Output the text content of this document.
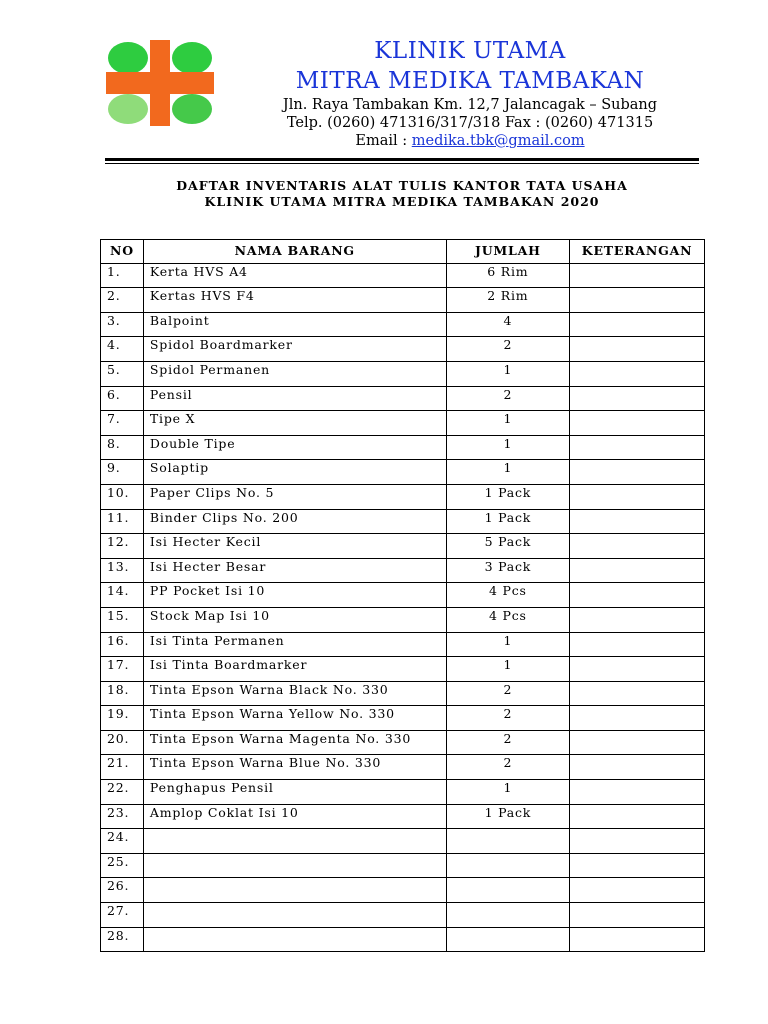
KLINIK UTAMA
MITRA MEDIKA TAMBAKAN
Jln. Raya Tambakan Km. 12,7 Jalancagak – Subang
Telp. (0260) 471316/317/318 Fax : (0260) 471315
Email : medika.tbk@gmail.com
DAFTAR INVENTARIS ALAT TULIS KANTOR TATA USAHA
KLINIK UTAMA MITRA MEDIKA TAMBAKAN 2020
NO	NAMA BARANG	JUMLAH	KETERANGAN
1.	Kerta HVS A4	6 Rim	
2.	Kertas HVS F4	2 Rim	
3.	Balpoint	4	
4.	Spidol Boardmarker	2	
5.	Spidol Permanen	1	
6.	Pensil	2	
7.	Tipe X	1	
8.	Double Tipe	1	
9.	Solaptip	1	
10.	Paper Clips No. 5	1 Pack	
11.	Binder Clips No. 200	1 Pack	
12.	Isi Hecter Kecil	5 Pack	
13.	Isi Hecter Besar	3 Pack	
14.	PP Pocket Isi 10	4 Pcs	
15.	Stock Map Isi 10	4 Pcs	
16.	Isi Tinta Permanen	1	
17.	Isi Tinta Boardmarker	1	
18.	Tinta Epson Warna Black No. 330	2	
19.	Tinta Epson Warna Yellow No. 330	2	
20.	Tinta Epson Warna Magenta No. 330	2	
21.	Tinta Epson Warna Blue No. 330	2	
22.	Penghapus Pensil	1	
23.	Amplop Coklat Isi 10	1 Pack	
24.			
25.			
26.			
27.			
28.			
